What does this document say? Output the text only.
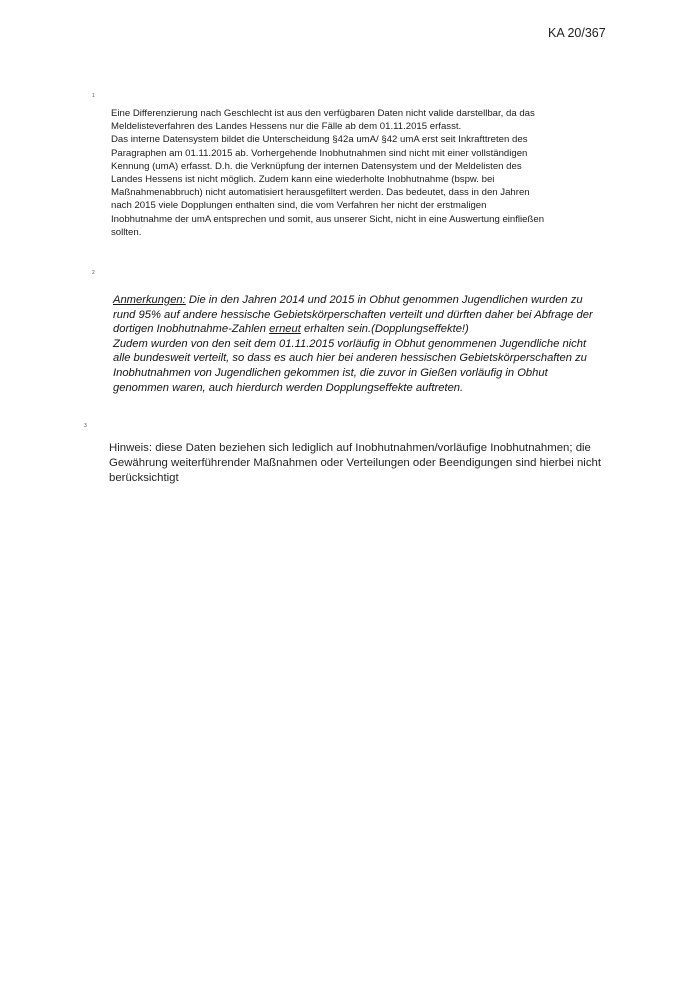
KA 20/367
1
Eine Differenzierung nach Geschlecht ist aus den verfügbaren Daten nicht valide darstellbar, da das
Meldelisteverfahren des Landes Hessens nur die Fälle ab dem 01.11.2015 erfasst.
Das interne Datensystem bildet die Unterscheidung §42a umA/ §42 umA erst seit Inkrafttreten des
Paragraphen am 01.11.2015 ab. Vorhergehende Inobhutnahmen sind nicht mit einer vollständigen
Kennung (umA) erfasst. D.h. die Verknüpfung der internen Datensystem und der Meldelisten des
Landes Hessens ist nicht möglich. Zudem kann eine wiederholte Inobhutnahme (bspw. bei
Maßnahmenabbruch) nicht automatisiert herausgefiltert werden. Das bedeutet, dass in den Jahren
nach 2015 viele Dopplungen enthalten sind, die vom Verfahren her nicht der erstmaligen
Inobhutnahme der umA entsprechen und somit, aus unserer Sicht, nicht in eine Auswertung einfließen
sollten.
2
Anmerkungen: Die in den Jahren 2014 und 2015 in Obhut genommen Jugendlichen wurden zu
rund 95% auf andere hessische Gebietskörperschaften verteilt und dürften daher bei Abfrage der
dortigen Inobhutnahme-Zahlen erneut erhalten sein.(Dopplungseffekte!)
Zudem wurden von den seit dem 01.11.2015 vorläufig in Obhut genommenen Jugendliche nicht
alle bundesweit verteilt, so dass es auch hier bei anderen hessischen Gebietskörperschaften zu
Inobhutnahmen von Jugendlichen gekommen ist, die zuvor in Gießen vorläufig in Obhut
genommen waren, auch hierdurch werden Dopplungseffekte auftreten.
3
Hinweis: diese Daten beziehen sich lediglich auf Inobhutnahmen/vorläufige Inobhutnahmen; die
Gewährung weiterführender Maßnahmen oder Verteilungen oder Beendigungen sind hierbei nicht
berücksichtigt
